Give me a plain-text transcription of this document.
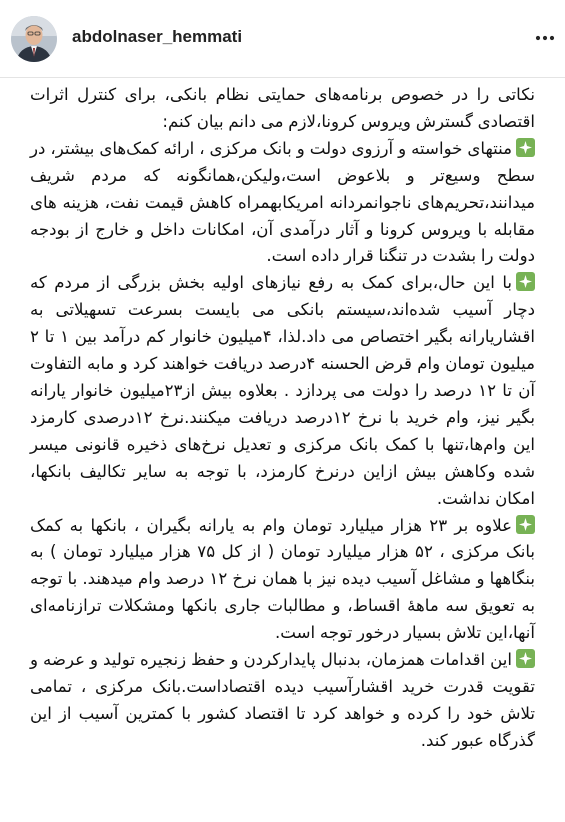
abdolnaser_hemmati

نکاتی را در خصوص برنامه‌های حمایتی نظام بانکی، برای کنترل اثرات اقتصادی گسترش ویروس کرونا،لازم می دانم بیان کنم:

منتهای خواسته و آرزوی دولت و بانک مرکزی ، ارائه کمک‌های بیشتر، در سطح وسیع‌تر و بلاعوض است،ولیکن،همانگونه که مردم شریف میدانند،تحریم‌های ناجوانمردانه امریکابهمراه کاهش قیمت نفت، هزینه های مقابله با ویروس کرونا و آثار درآمدی آن، امکانات داخل و خارج از بودجه دولت را بشدت در تنگنا قرار داده است.

با این حال،برای کمک به رفع نیازهای اولیه بخش بزرگی از مردم که دچار آسیب شده‌اند،سیستم بانکی می بایست بسرعت تسهیلاتی به اقشاریارانه بگیر اختصاص می داد.لذا، ۴میلیون خانوار کم درآمد بین ۱ تا ۲ میلیون تومان وام قرض الحسنه ۴درصد دریافت خواهند کرد و مابه التفاوت آن تا ۱۲ درصد را دولت می پردازد . بعلاوه بیش از۲۳میلیون خانوار یارانه بگیر نیز، وام خرید با نرخ ۱۲درصد دریافت میکنند.نرخ ۱۲درصدی کارمزد این وام‌ها،تنها با کمک بانک مرکزی و تعدیل نرخ‌های ذخیره قانونی میسر شده وکاهش بیش ازاین درنرخ کارمزد، با توجه به سایر تکالیف بانکها، امکان نداشت.

علاوه بر ۲۳ هزار میلیارد تومان وام به یارانه بگیران ، بانکها به کمک بانک مرکزی ، ۵۲ هزار میلیارد تومان ( از کل ۷۵ هزار میلیارد تومان ) به بنگاهها و مشاغل آسیب دیده نیز با همان نرخ ۱۲ درصد وام میدهند. با توجه به تعویق سه ماههٔ اقساط، و مطالبات جاری بانکها ومشکلات ترازنامه‌ای آنها،این تلاش بسیار درخور توجه است.

این اقدامات همزمان، بدنبال پایدارکردن و حفظ زنجیره تولید و عرضه و تقویت قدرت خرید اقشارآسیب دیده اقتصاداست.بانک مرکزی ، تمامی تلاش خود را کرده و خواهد کرد تا اقتصاد کشور با کمترین آسیب از این گذرگاه عبور کند.
